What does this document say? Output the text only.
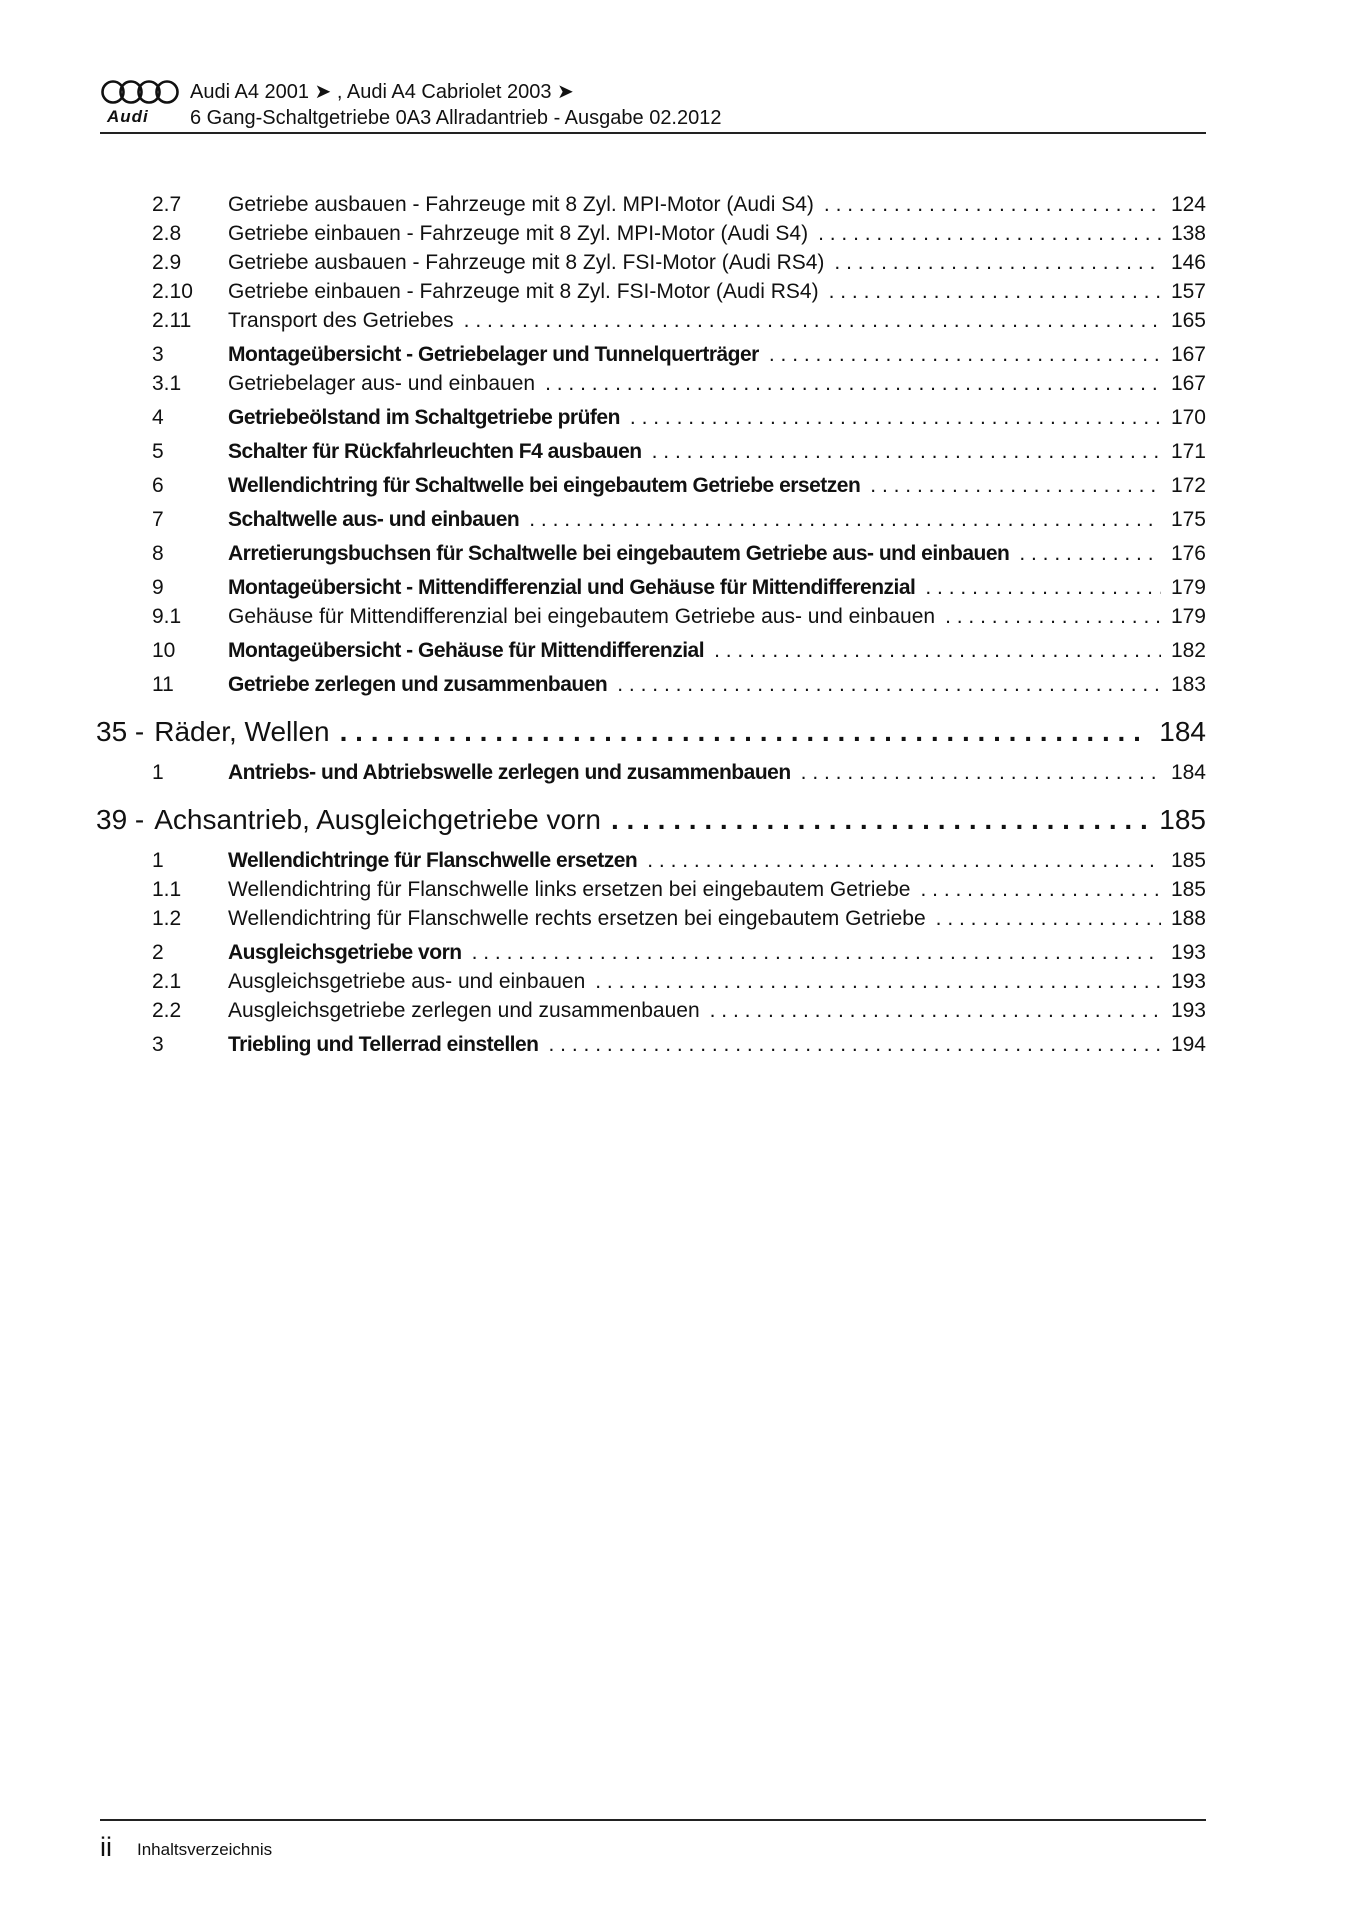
Audi
Audi A4 2001 ➤ , Audi A4 Cabriolet 2003 ➤
6 Gang-Schaltgetriebe 0A3 Allradantrieb - Ausgabe 02.2012
2.7	Getriebe ausbauen - Fahrzeuge mit 8 Zyl. MPI-Motor (Audi S4) . . .	124
2.8	Getriebe einbauen - Fahrzeuge mit 8 Zyl. MPI-Motor (Audi S4) . . .	138
2.9	Getriebe ausbauen - Fahrzeuge mit 8 Zyl. FSI-Motor (Audi RS4) . . .	146
2.10	Getriebe einbauen - Fahrzeuge mit 8 Zyl. FSI-Motor (Audi RS4) . . .	157
2.11	Transport des Getriebes . . .	165
3	Montageübersicht - Getriebelager und Tunnelquerträger . . .	167
3.1	Getriebelager aus- und einbauen . . .	167
4	Getriebeölstand im Schaltgetriebe prüfen . . .	170
5	Schalter für Rückfahrleuchten F4 ausbauen . . .	171
6	Wellendichtring für Schaltwelle bei eingebautem Getriebe ersetzen . . .	172
7	Schaltwelle aus- und einbauen . . .	175
8	Arretierungsbuchsen für Schaltwelle bei eingebautem Getriebe aus- und einbauen . . .	176
9	Montageübersicht - Mittendifferenzial und Gehäuse für Mittendifferenzial . . .	179
9.1	Gehäuse für Mittendifferenzial bei eingebautem Getriebe aus- und einbauen . . .	179
10	Montageübersicht - Gehäuse für Mittendifferenzial . . .	182
11	Getriebe zerlegen und zusammenbauen . . .	183
35 - Räder, Wellen . . .	184
1	Antriebs- und Abtriebswelle zerlegen und zusammenbauen . . .	184
39 - Achsantrieb, Ausgleichgetriebe vorn . . .	185
1	Wellendichtringe für Flanschwelle ersetzen . . .	185
1.1	Wellendichtring für Flanschwelle links ersetzen bei eingebautem Getriebe . . .	185
1.2	Wellendichtring für Flanschwelle rechts ersetzen bei eingebautem Getriebe . . .	188
2	Ausgleichsgetriebe vorn . . .	193
2.1	Ausgleichsgetriebe aus- und einbauen . . .	193
2.2	Ausgleichsgetriebe zerlegen und zusammenbauen . . .	193
3	Triebling und Tellerrad einstellen . . .	194
ii Inhaltsverzeichnis
